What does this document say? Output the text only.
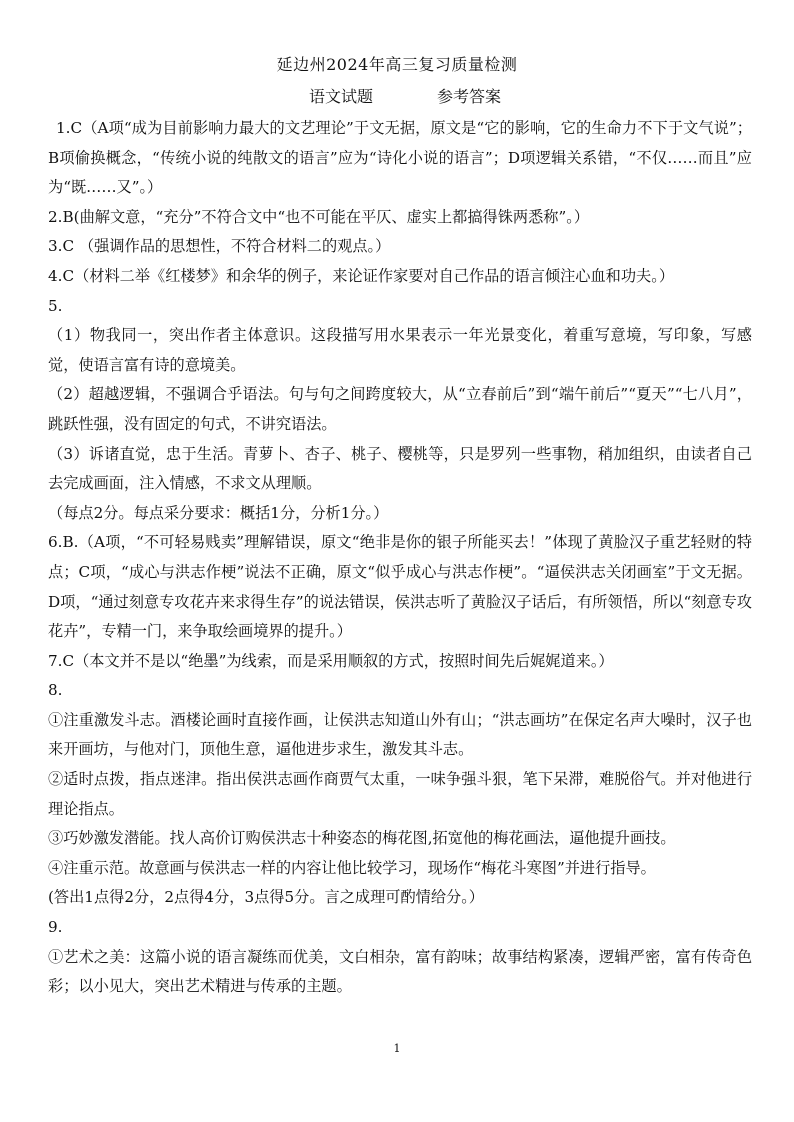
延边州2024年高三复习质量检测
语文试题	参考答案

1.C（A项“成为目前影响力最大的文艺理论”于文无据，原文是“它的影响，它的生命力不下于文气说”；B项偷换概念，“传统小说的纯散文的语言”应为“诗化小说的语言”；D项逻辑关系错，“不仅……而且”应为“既……又”。）

2.B(曲解文意，“充分”不符合文中“也不可能在平仄、虚实上都搞得铢两悉称”。）

3.C （强调作品的思想性，不符合材料二的观点。）

4.C（材料二举《红楼梦》和余华的例子，来论证作家要对自己作品的语言倾注心血和功夫。）

5.

（1）物我同一，突出作者主体意识。这段描写用水果表示一年光景变化，着重写意境，写印象，写感觉，使语言富有诗的意境美。

（2）超越逻辑，不强调合乎语法。句与句之间跨度较大，从“立春前后”到“端午前后”“夏天”“七八月”，跳跃性强，没有固定的句式，不讲究语法。

（3）诉诸直觉，忠于生活。青萝卜、杏子、桃子、樱桃等，只是罗列一些事物，稍加组织，由读者自己去完成画面，注入情感，不求文从理顺。

（每点2分。每点采分要求：概括1分，分析1分。）

6.B.（A项，“不可轻易贱卖”理解错误，原文“绝非是你的银子所能买去！”体现了黄脸汉子重艺轻财的特点；C项，“成心与洪志作梗”说法不正确，原文“似乎成心与洪志作梗”。“逼侯洪志关闭画室”于文无据。D项，“通过刻意专攻花卉来求得生存”的说法错误，侯洪志听了黄脸汉子话后，有所领悟，所以“刻意专攻花卉”，专精一门，来争取绘画境界的提升。）

7.C（本文并不是以“绝墨”为线索，而是采用顺叙的方式，按照时间先后娓娓道来。）

8.

①注重激发斗志。酒楼论画时直接作画，让侯洪志知道山外有山；“洪志画坊”在保定名声大噪时，汉子也来开画坊，与他对门，顶他生意，逼他进步求生，激发其斗志。

②适时点拨，指点迷津。指出侯洪志画作商贾气太重，一味争强斗狠，笔下呆滞，难脱俗气。并对他进行理论指点。

③巧妙激发潜能。找人高价订购侯洪志十种姿态的梅花图,拓宽他的梅花画法，逼他提升画技。

④注重示范。故意画与侯洪志一样的内容让他比较学习，现场作“梅花斗寒图”并进行指导。

(答出1点得2分，2点得4分，3点得5分。言之成理可酌情给分。）

9.

①艺术之美：这篇小说的语言凝练而优美，文白相杂，富有韵味；故事结构紧凑，逻辑严密，富有传奇色彩；以小见大，突出艺术精进与传承的主题。

1
